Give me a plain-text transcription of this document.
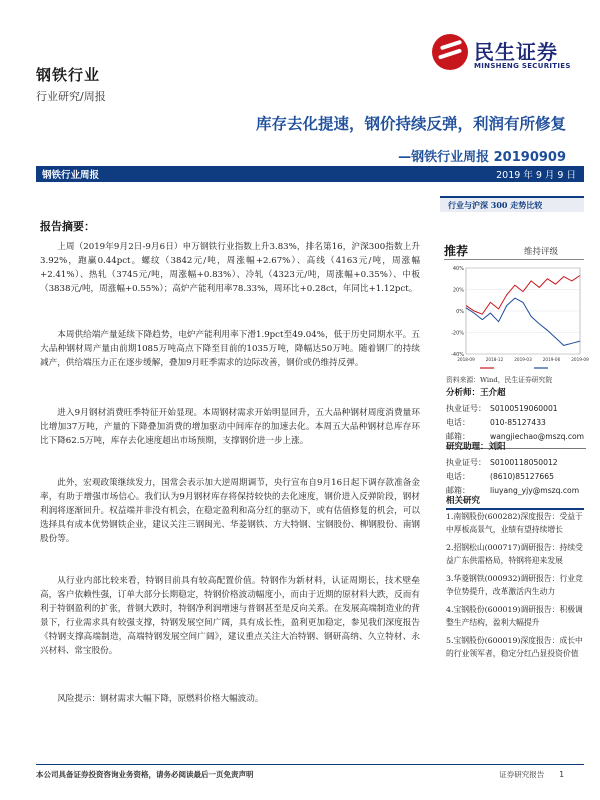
钢铁行业
行业研究/周报
民生证券
MINSHENG SECURITIES
库存去化提速，钢价持续反弹，利润有所修复
—钢铁行业周报 20190909
钢铁行业周报	2019 年 9 月 9 日
报告摘要：

上周（2019年9月2日-9月6日）申万钢铁行业指数上升3.83%，排名第16，沪深300指数上升3.92%，跑赢0.44pct。螺纹（3842元/吨，周涨幅+2.67%）、高线（4163元/吨，周涨幅+2.41%）、热轧（3745元/吨，周涨幅+0.83%）、冷轧（4323元/吨，周涨幅+0.35%）、中板（3838元/吨，周涨幅+0.55%）；高炉产能利用率78.33%，周环比+0.28ct，年同比+1.12pct。

本周供给端产量延续下降趋势，电炉产能利用率下滑1.9pct至49.04%，低于历史同期水平。五大品种钢材周产量由前期1085万吨高点下降至目前的1035万吨，降幅达50万吨。随着钢厂的持续减产，供给端压力正在逐步缓解，叠加9月旺季需求的边际改善，钢价或仍维持反弹。

进入9月钢材消费旺季特征开始显现。本周钢材需求开始明显回升，五大品种钢材周度消费量环比增加37万吨，产量的下降叠加消费的增加驱动中间库存的加速去化。本周五大品种钢材总库存环比下降62.5万吨，库存去化速度超出市场预期，支撑钢价进一步上涨。

此外，宏观政策继续发力，国常会表示加大逆周期调节，央行宣布自9月16日起下调存款准备金率，有助于增强市场信心。我们认为9月钢材库存将保持较快的去化速度，钢价进入反弹阶段，钢材利润将逐渐回升。权益端并非没有机会，在稳定盈利和高分红的驱动下，或有估值修复的机会，可以选择具有成本优势钢铁企业，建议关注三钢闽光、华菱钢铁、方大特钢、宝钢股份、柳钢股份、南钢股份等。

从行业内部比较来看，特钢目前具有较高配置价值。特钢作为新材料，认证周期长，技术壁垒高，客户依赖性强，订单大部分长期稳定，特钢价格波动幅度小，而由于近期的原材料大跌，反而有利于特钢盈利的扩张，普钢大跌时，特钢净利润增速与普钢甚至是反向关系。在发展高端制造业的背景下，行业需求具有较强支撑，特钢发展空间广阔，具有成长性，盈利更加稳定，参见我们深度报告《特钢支撑高端制造，高端特钢发展空间广阔》，建议重点关注大冶特钢、钢研高纳、久立特材、永兴材料、常宝股份。

风险提示：钢材需求大幅下降，原燃料价格大幅波动。

行业与沪深 300 走势比较
推荐	维持评级
40%
20%
0%
-20%
-40%
2018-09	2018-12	2019-03	2019-06	2019-09
资料来源：Wind，民生证券研究院
分析师：王介超
执业证号： S0100519060001
电话：	010-85127433
邮箱：	wangjiechao@mszq.com
研究助理：刘阳
执业证号： S0100118050012
电话：	(8610)85127665
邮箱：	liuyang_yjy@mszq.com
相关研究
1.南钢股份(600282)深度报告：受益于中厚板高景气，业绩有望持续增长
2.招钢松山(000717)调研报告：持续受益广东供需格局，特钢将迎来发展
3.华菱钢铁(000932)调研报告：行业竞争位势提升，改革激活内生动力
4.宝钢股份(600019)调研报告：积极调整生产结构，盈利大幅提升
5.宝钢股份(600019)深度报告：成长中的行业领军者，稳定分红凸显投资价值
本公司具备证券投资咨询业务资格，请务必阅读最后一页免责声明	证券研究报告　　1
